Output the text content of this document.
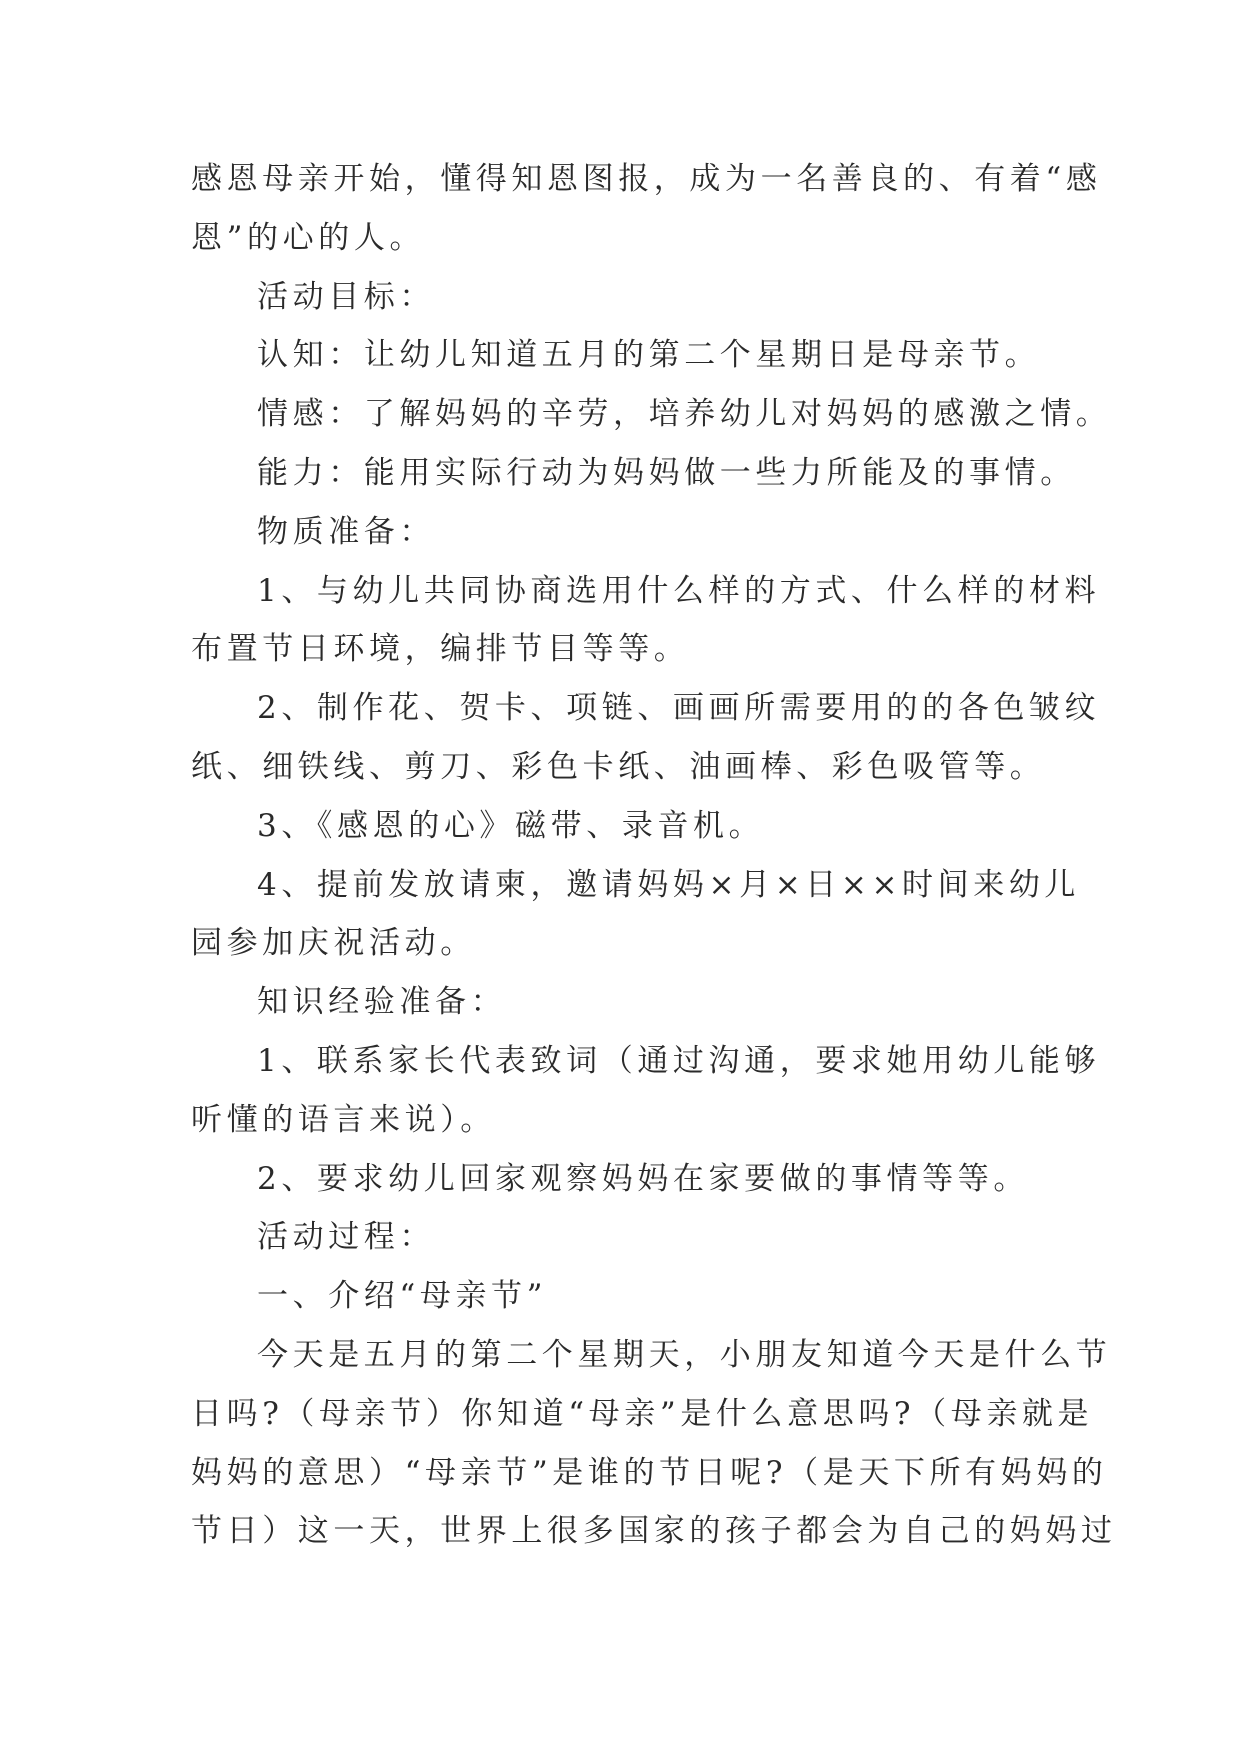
感恩母亲开始，懂得知恩图报，成为一名善良的、有着“感
恩”的心的人。
活动目标：
认知：让幼儿知道五月的第二个星期日是母亲节。
情感：了解妈妈的辛劳，培养幼儿对妈妈的感激之情。
能力：能用实际行动为妈妈做一些力所能及的事情。
物质准备：
1、与幼儿共同协商选用什么样的方式、什么样的材料
布置节日环境，编排节目等等。
2、制作花、贺卡、项链、画画所需要用的的各色皱纹
纸、细铁线、剪刀、彩色卡纸、油画棒、彩色吸管等。
3、《感恩的心》磁带、录音机。
4、提前发放请柬，邀请妈妈×月×日××时间来幼儿
园参加庆祝活动。
知识经验准备：
1、联系家长代表致词（通过沟通，要求她用幼儿能够
听懂的语言来说）。
2、要求幼儿回家观察妈妈在家要做的事情等等。
活动过程：
一、介绍“母亲节”
今天是五月的第二个星期天，小朋友知道今天是什么节
日吗?（母亲节）你知道“母亲”是什么意思吗?（母亲就是
妈妈的意思）“母亲节”是谁的节日呢?（是天下所有妈妈的
节日）这一天，世界上很多国家的孩子都会为自己的妈妈过
